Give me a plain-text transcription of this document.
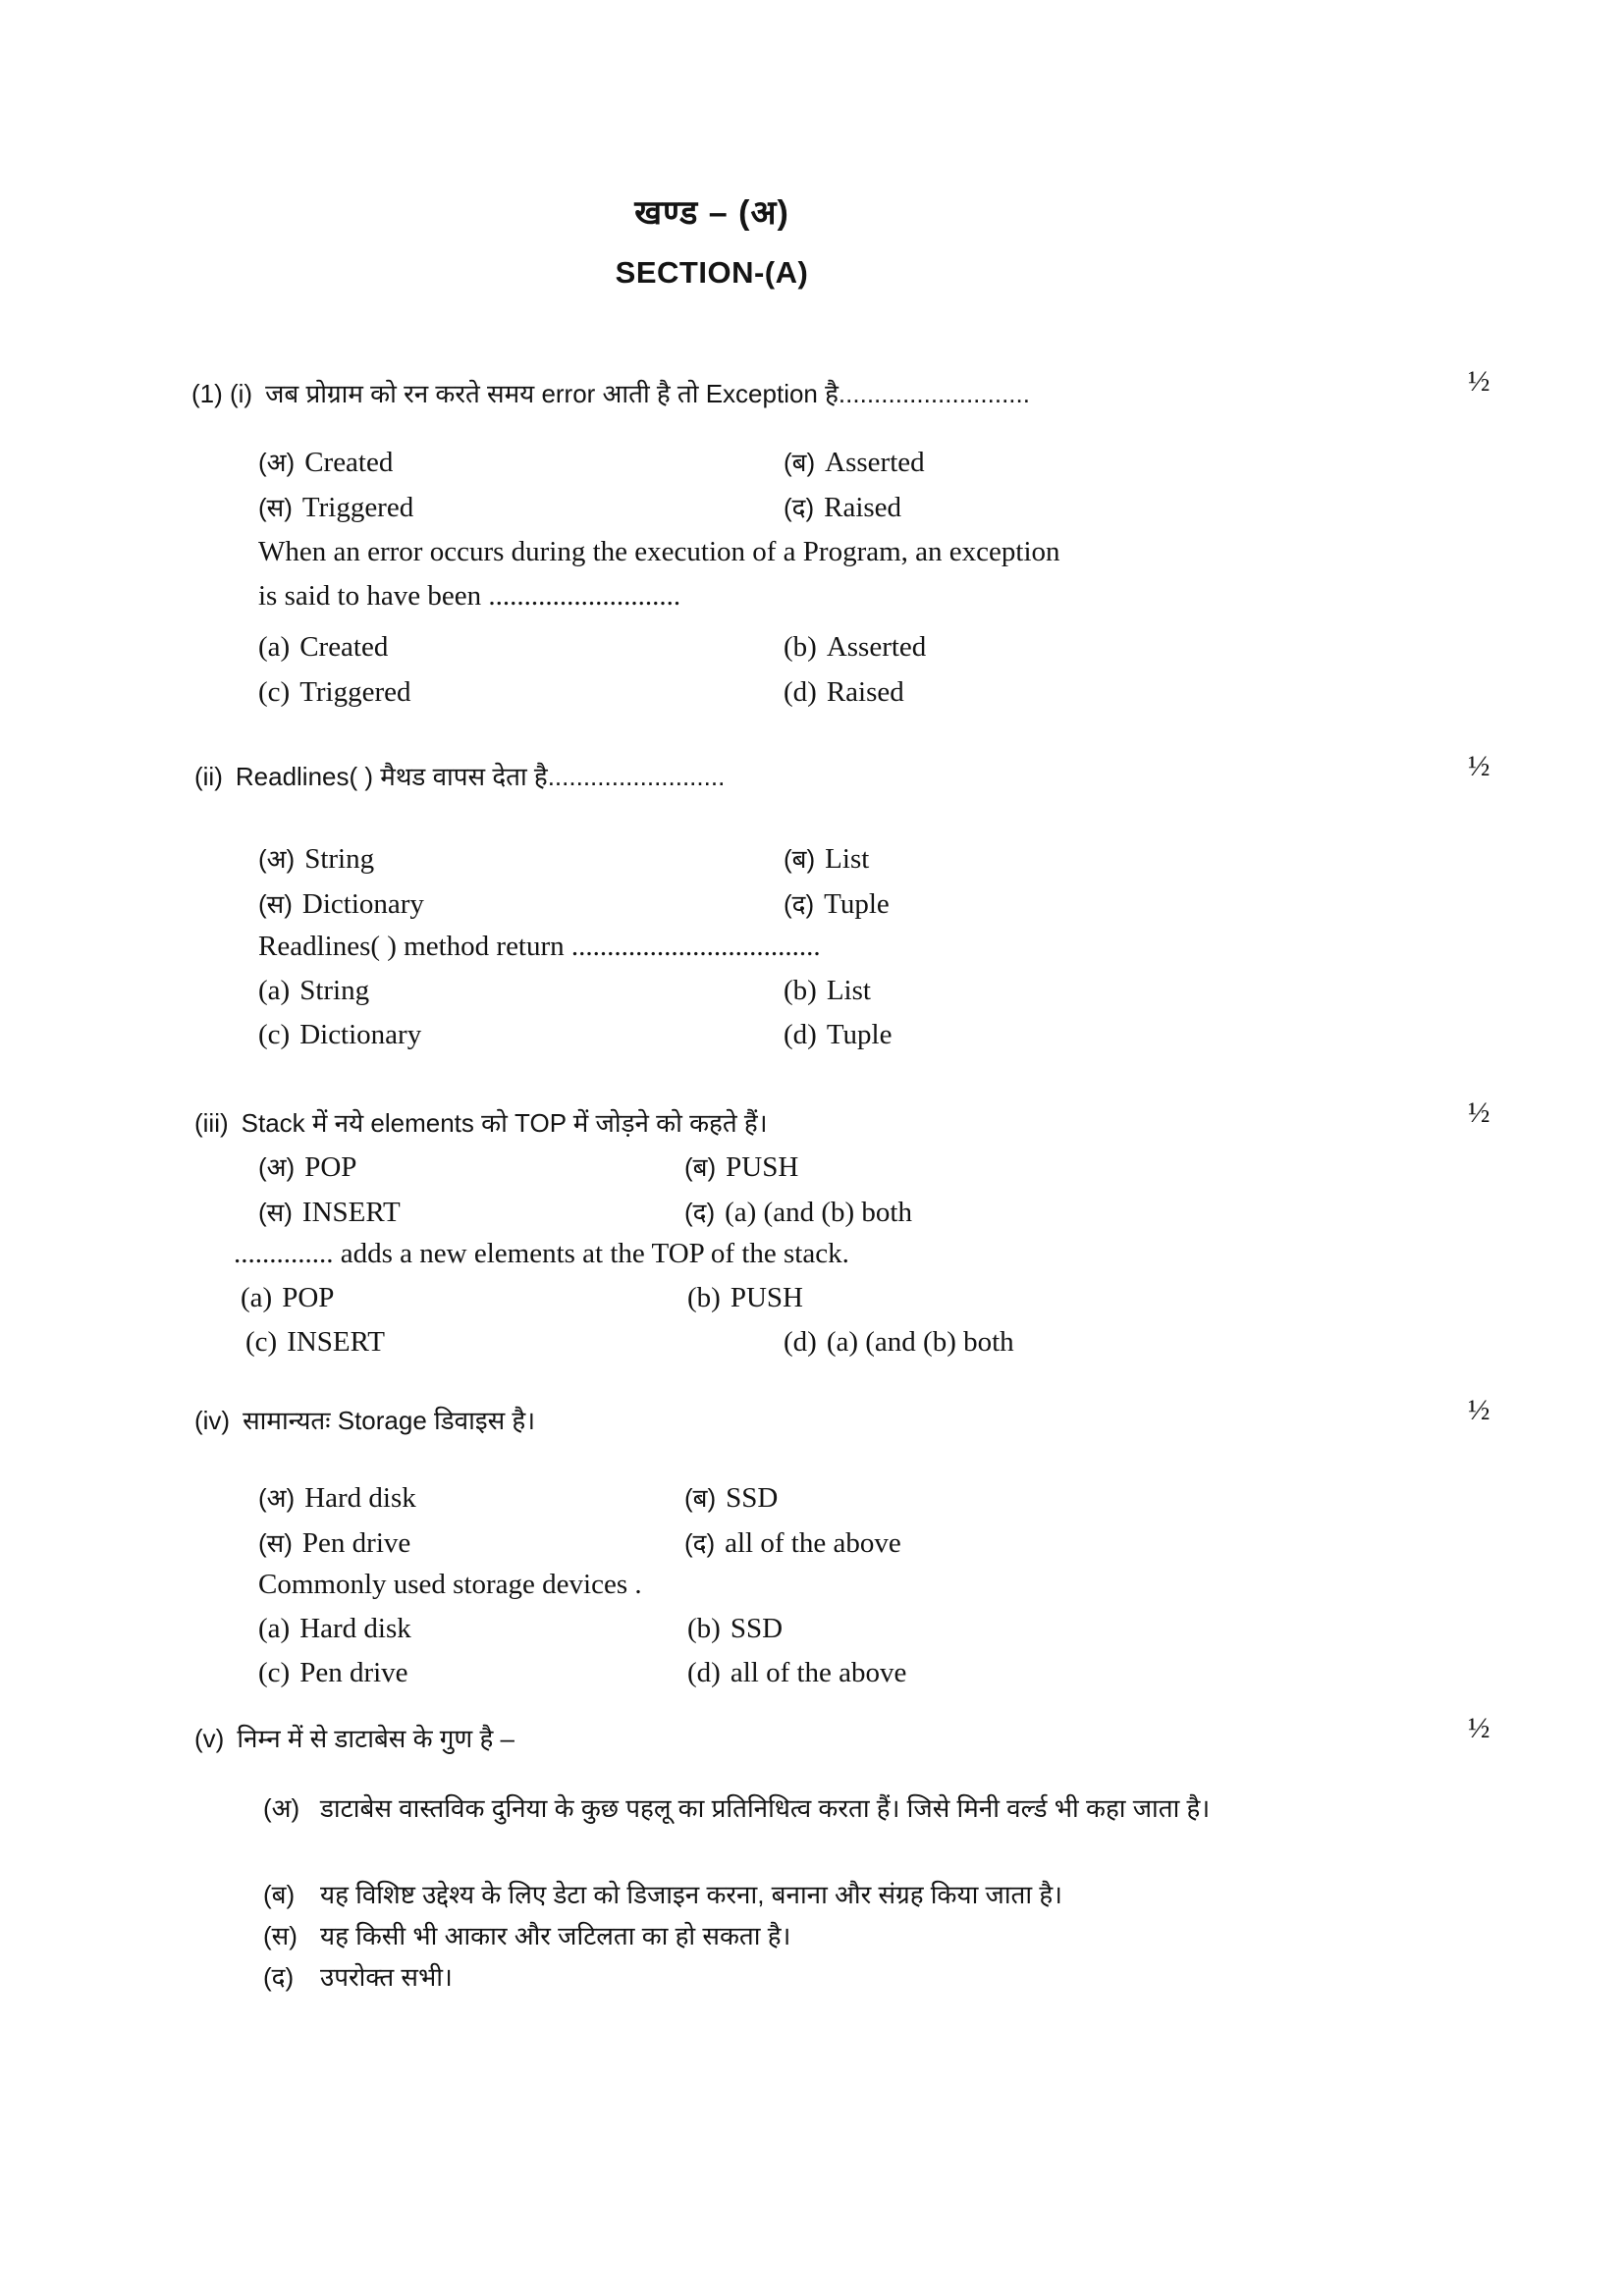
खण्ड – (अ)
SECTION-(A)
(1) (i) जब प्रोग्राम को रन करते समय error आती है तो Exception है...........................	½
(अ) Created	(ब) Asserted
(स) Triggered	(द) Raised
When an error occurs during the execution of a Program, an exception
is said to have been ...........................
(a) Created	(b) Asserted
(c) Triggered	(d) Raised
(ii) Readlines( ) मैथड वापस देता है.........................	½
(अ) String	(ब) List
(स) Dictionary	(द) Tuple
Readlines( ) method return ...................................
(a) String	(b) List
(c) Dictionary	(d) Tuple
(iii) Stack में नये elements को TOP में जोड़ने को कहते हैं।	½
(अ) POP	(ब) PUSH
(स) INSERT	(द) (a) (and (b) both
.............. adds a new elements at the TOP of the stack.
(a) POP	(b) PUSH
(c) INSERT	(d) (a) (and (b) both
(iv) सामान्यतः Storage डिवाइस है।	½
(अ) Hard disk	(ब) SSD
(स) Pen drive	(द) all of the above
Commonly used storage devices .
(a) Hard disk	(b) SSD
(c) Pen drive	(d) all of the above
(v) निम्न में से डाटाबेस के गुण है –	½
(अ) डाटाबेस वास्तविक दुनिया के कुछ पहलू का प्रतिनिधित्व करता हैं। जिसे मिनी वर्ल्ड भी कहा जाता है।
(ब) यह विशिष्ट उद्देश्य के लिए डेटा को डिजाइन करना, बनाना और संग्रह किया जाता है।
(स) यह किसी भी आकार और जटिलता का हो सकता है।
(द)	उपरोक्त सभी।
